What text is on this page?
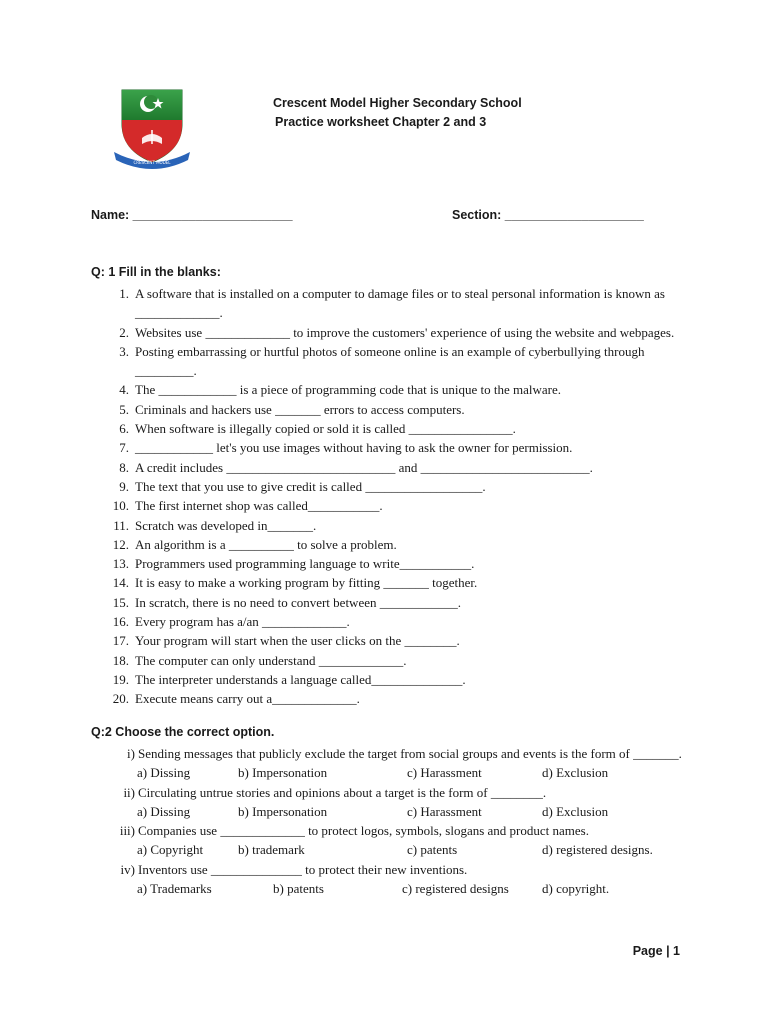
CRESCENT MODEL
Crescent Model Higher Secondary School
Practice worksheet Chapter 2 and 3
Name: _______________________	Section: ____________________
Q: 1 Fill in the blanks:
1. A software that is installed on a computer to damage files or to steal personal information is known as _____________.
2. Websites use _____________ to improve the customers' experience of using the website and webpages.
3. Posting embarrassing or hurtful photos of someone online is an example of cyberbullying through _________.
4. The ____________ is a piece of programming code that is unique to the malware.
5. Criminals and hackers use _______ errors to access computers.
6. When software is illegally copied or sold it is called ________________.
7. ____________ let's you use images without having to ask the owner for permission.
8. A credit includes __________________________ and __________________________.
9. The text that you use to give credit is called __________________.
10. The first internet shop was called___________.
11. Scratch was developed in_______.
12. An algorithm is a __________ to solve a problem.
13. Programmers used programming language to write___________.
14. It is easy to make a working program by fitting _______ together.
15. In scratch, there is no need to convert between ____________.
16. Every program has a/an _____________.
17. Your program will start when the user clicks on the ________.
18. The computer can only understand _____________.
19. The interpreter understands a language called______________.
20. Execute means carry out a_____________.
Q:2 Choose the correct option.
i) Sending messages that publicly exclude the target from social groups and events is the form of _______.
a) Dissing	b) Impersonation	c) Harassment	d) Exclusion
ii) Circulating untrue stories and opinions about a target is the form of ________.
a) Dissing	b) Impersonation	c) Harassment	d) Exclusion
iii) Companies use _____________ to protect logos, symbols, slogans and product names.
a) Copyright	b) trademark	c) patents	d) registered designs.
iv) Inventors use ______________ to protect their new inventions.
a) Trademarks	b) patents	c) registered designs	d) copyright.
Page | 1
